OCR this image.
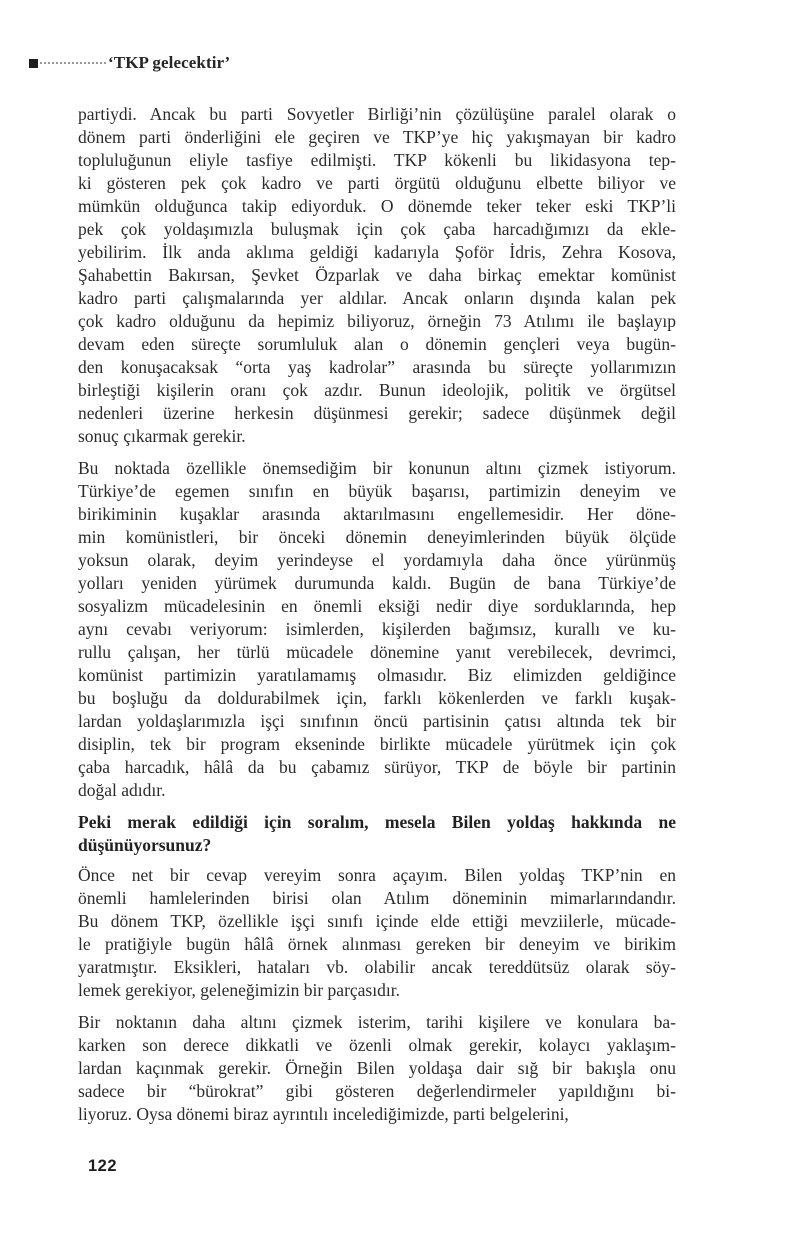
‘TKP gelecektir’

partiydi. Ancak bu parti Sovyetler Birliği’nin çözülüşüne paralel olarak o
dönem parti önderliğini ele geçiren ve TKP’ye hiç yakışmayan bir kadro
topluluğunun eliyle tasfiye edilmişti. TKP kökenli bu likidasyona tep-
ki gösteren pek çok kadro ve parti örgütü olduğunu elbette biliyor ve
mümkün olduğunca takip ediyorduk. O dönemde teker teker eski TKP’li
pek çok yoldaşımızla buluşmak için çok çaba harcadığımızı da ekle-
yebilirim. İlk anda aklıma geldiği kadarıyla Şoför İdris, Zehra Kosova,
Şahabettin Bakırsan, Şevket Özparlak ve daha birkaç emektar komünist
kadro parti çalışmalarında yer aldılar. Ancak onların dışında kalan pek
çok kadro olduğunu da hepimiz biliyoruz, örneğin 73 Atılımı ile başlayıp
devam eden süreçte sorumluluk alan o dönemin gençleri veya bugün-
den konuşacaksak “orta yaş kadrolar” arasında bu süreçte yollarımızın
birleştiği kişilerin oranı çok azdır. Bunun ideolojik, politik ve örgütsel
nedenleri üzerine herkesin düşünmesi gerekir; sadece düşünmek değil
sonuç çıkarmak gerekir.

Bu noktada özellikle önemsediğim bir konunun altını çizmek istiyorum.
Türkiye’de egemen sınıfın en büyük başarısı, partimizin deneyim ve
birikiminin kuşaklar arasında aktarılmasını engellemesidir. Her döne-
min komünistleri, bir önceki dönemin deneyimlerinden büyük ölçüde
yoksun olarak, deyim yerindeyse el yordamıyla daha önce yürünmüş
yolları yeniden yürümek durumunda kaldı. Bugün de bana Türkiye’de
sosyalizm mücadelesinin en önemli eksiği nedir diye sorduklarında, hep
aynı cevabı veriyorum: isimlerden, kişilerden bağımsız, kurallı ve ku-
rullu çalışan, her türlü mücadele dönemine yanıt verebilecek, devrimci,
komünist partimizin yaratılamamış olmasıdır. Biz elimizden geldiğince
bu boşluğu da doldurabilmek için, farklı kökenlerden ve farklı kuşak-
lardan yoldaşlarımızla işçi sınıfının öncü partisinin çatısı altında tek bir
disiplin, tek bir program ekseninde birlikte mücadele yürütmek için çok
çaba harcadık, hâlâ da bu çabamız sürüyor, TKP de böyle bir partinin
doğal adıdır.

Peki merak edildiği için soralım, mesela Bilen yoldaş hakkında ne
düşünüyorsunuz?

Önce net bir cevap vereyim sonra açayım. Bilen yoldaş TKP’nin en
önemli hamlelerinden birisi olan Atılım döneminin mimarlarındandır.
Bu dönem TKP, özellikle işçi sınıfı içinde elde ettiği mevziilerle, mücade-
le pratiğiyle bugün hâlâ örnek alınması gereken bir deneyim ve birikim
yaratmıştır. Eksikleri, hataları vb. olabilir ancak tereddütsüz olarak söy-
lemek gerekiyor, geleneğimizin bir parçasıdır.

Bir noktanın daha altını çizmek isterim, tarihi kişilere ve konulara ba-
karken son derece dikkatli ve özenli olmak gerekir, kolaycı yaklaşım-
lardan kaçınmak gerekir. Örneğin Bilen yoldaşa dair sığ bir bakışla onu
sadece bir “bürokrat” gibi gösteren değerlendirmeler yapıldığını bi-
liyoruz. Oysa dönemi biraz ayrıntılı incelediğimizde, parti belgelerini,

122
